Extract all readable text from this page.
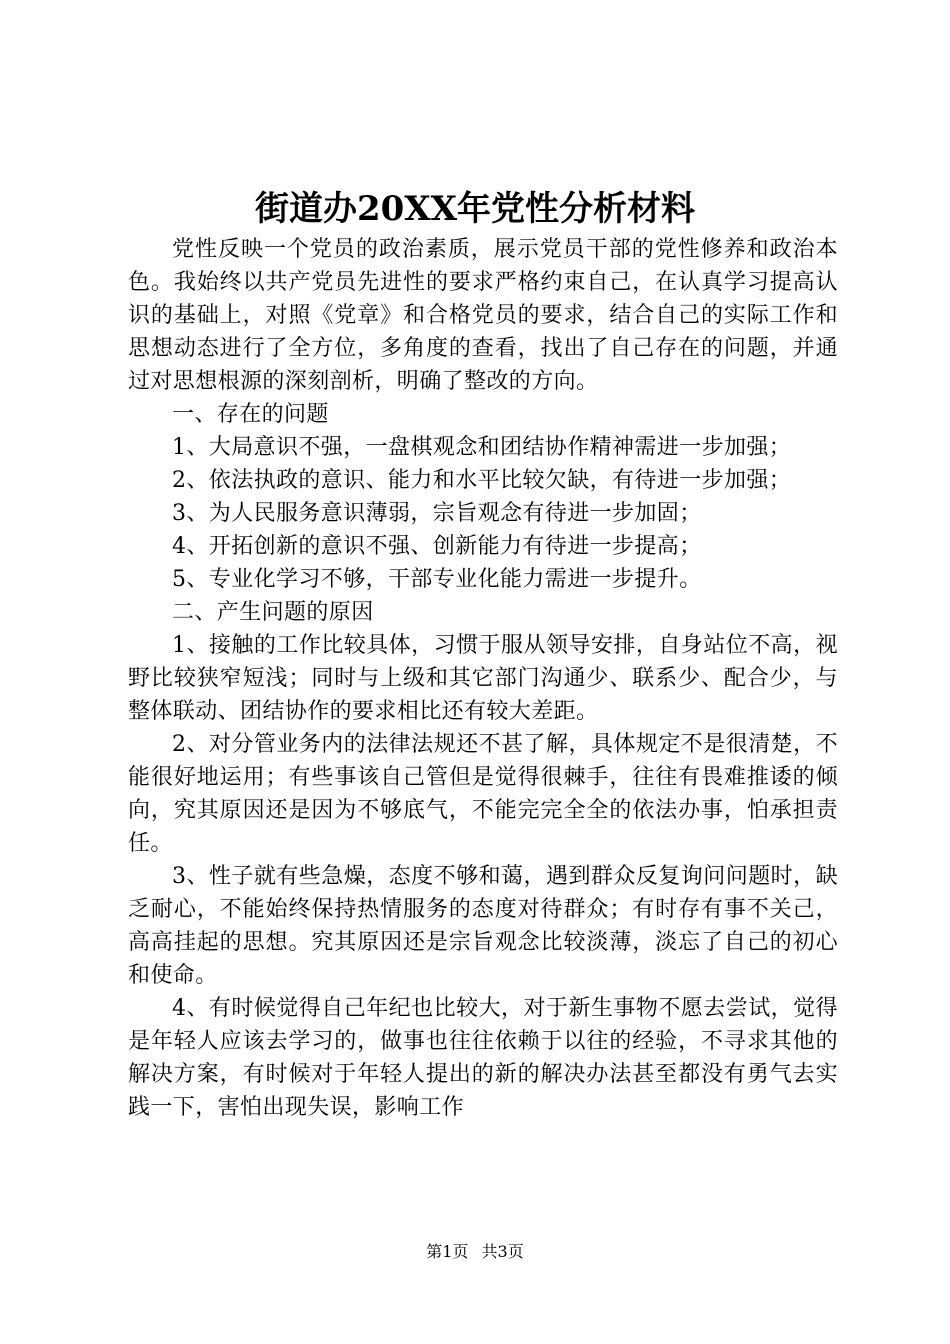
街道办20XX年党性分析材料

党性反映一个党员的政治素质，展示党员干部的党性修养和政治本色。我始终以共产党员先进性的要求严格约束自己，在认真学习提高认识的基础上，对照《党章》和合格党员的要求，结合自己的实际工作和思想动态进行了全方位，多角度的查看，找出了自己存在的问题，并通过对思想根源的深刻剖析，明确了整改的方向。

一、存在的问题

1、大局意识不强，一盘棋观念和团结协作精神需进一步加强；

2、依法执政的意识、能力和水平比较欠缺，有待进一步加强；

3、为人民服务意识薄弱，宗旨观念有待进一步加固；

4、开拓创新的意识不强、创新能力有待进一步提高；

5、专业化学习不够，干部专业化能力需进一步提升。

二、产生问题的原因

1、接触的工作比较具体，习惯于服从领导安排，自身站位不高，视野比较狭窄短浅；同时与上级和其它部门沟通少、联系少、配合少，与整体联动、团结协作的要求相比还有较大差距。

2、对分管业务内的法律法规还不甚了解，具体规定不是很清楚，不能很好地运用；有些事该自己管但是觉得很棘手，往往有畏难推诿的倾向，究其原因还是因为不够底气，不能完完全全的依法办事，怕承担责任。

3、性子就有些急燥，态度不够和蔼，遇到群众反复询问问题时，缺乏耐心，不能始终保持热情服务的态度对待群众；有时存有事不关己，高高挂起的思想。究其原因还是宗旨观念比较淡薄，淡忘了自己的初心和使命。

4、有时候觉得自己年纪也比较大，对于新生事物不愿去尝试，觉得是年轻人应该去学习的，做事也往往依赖于以往的经验，不寻求其他的解决方案，有时候对于年轻人提出的新的解决办法甚至都没有勇气去实践一下，害怕出现失误，影响工作

第1页 共3页
